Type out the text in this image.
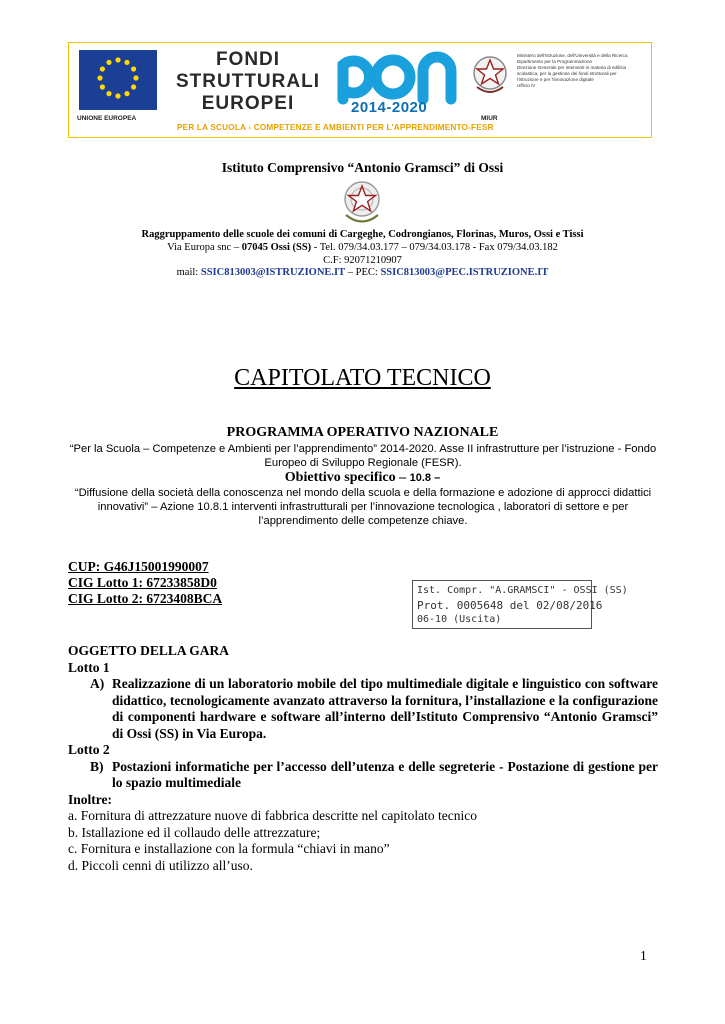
UNIONE EUROPEA
FONDI
STRUTTURALI
EUROPEI	2014-2020
PER LA SCUOLA - COMPETENZE E AMBIENTI PER L'APPRENDIMENTO-FESR
MIUR
Ministero dell'Istruzione, dell'Università e della Ricerca
Dipartimento per la Programmazione
Direzione Generale per interventi in materia di edilizia
scolastica, per la gestione dei fondi strutturali per
l'istruzione e per l'innovazione digitale
Ufficio IV
Istituto Comprensivo “Antonio Gramsci” di Ossi
Raggruppamento delle scuole dei comuni di Cargeghe, Codrongianos, Florinas, Muros, Ossi e Tissi
Via Europa snc – 07045 Ossi (SS) - Tel. 079/34.03.177 – 079/34.03.178 - Fax 079/34.03.182
C.F: 92071210907
mail: SSIC813003@ISTRUZIONE.IT – PEC: SSIC813003@PEC.ISTRUZIONE.IT
CAPITOLATO TECNICO
PROGRAMMA OPERATIVO NAZIONALE
“Per la Scuola – Competenze e Ambienti per l’apprendimento” 2014-2020. Asse II infrastrutture per l’istruzione - Fondo Europeo di Sviluppo Regionale (FESR).
Obiettivo specifico – 10.8 –
“Diffusione della società della conoscenza nel mondo della scuola e della formazione e adozione di approcci didattici innovativi” – Azione 10.8.1 interventi infrastrutturali per l’innovazione tecnologica , laboratori di settore e per l’apprendimento delle competenze chiave.
CUP: G46J15001990007
CIG Lotto 1: 67233858D0
CIG Lotto 2: 6723408BCA
Ist. Compr. "A.GRAMSCI" - OSSI (SS)
Prot. 0005648 del 02/08/2016
06-10 (Uscita)
OGGETTO DELLA GARA
Lotto 1
A) Realizzazione di un laboratorio mobile del tipo multimediale digitale e linguistico con software didattico, tecnologicamente avanzato attraverso la fornitura, l’installazione e la configurazione di componenti hardware e software all’interno dell’Istituto Comprensivo “Antonio Gramsci” di Ossi (SS) in Via Europa.
Lotto 2
B) Postazioni informatiche per l’accesso dell’utenza e delle segreterie - Postazione di gestione per lo spazio multimediale
Inoltre:
a. Fornitura di attrezzature nuove di fabbrica descritte nel capitolato tecnico
b. Istallazione ed il collaudo delle attrezzature;
c. Fornitura e installazione con la formula “chiavi in mano”
d. Piccoli cenni di utilizzo all’uso.
1
